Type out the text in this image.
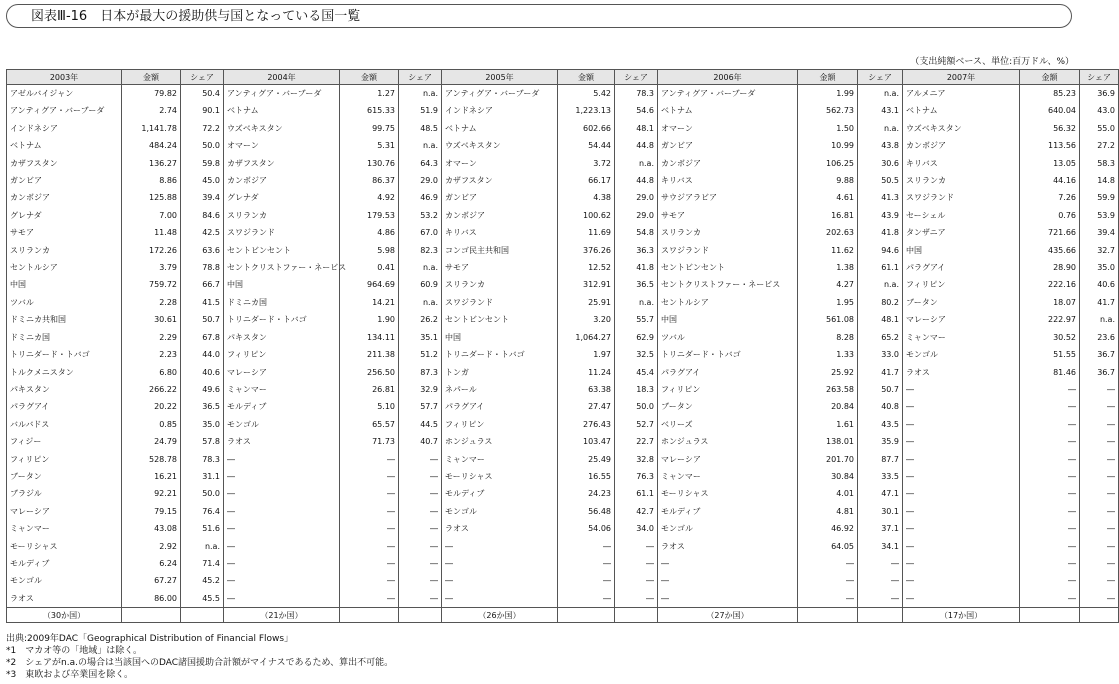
図表Ⅲ-16　日本が最大の援助供与国となっている国一覧
（支出純額ベース、単位:百万ドル、%）
2003年	金額	シェア	2004年	金額	シェア	2005年	金額	シェア	2006年	金額	シェア	2007年	金額	シェア
アゼルバイジャン	79.82	50.4	アンティグア・バーブーダ	1.27	n.a.	アンティグア・バーブーダ	5.42	78.3	アンティグア・バーブーダ	1.99	n.a.	アルメニア	85.23	36.9
アンティグア・バーブーダ	2.74	90.1	ベトナム	615.33	51.9	インドネシア	1,223.13	54.6	ベトナム	562.73	43.1	ベトナム	640.04	43.0
インドネシア	1,141.78	72.2	ウズベキスタン	99.75	48.5	ベトナム	602.66	48.1	オマーン	1.50	n.a.	ウズベキスタン	56.32	55.0
ベトナム	484.24	50.0	オマーン	5.31	n.a.	ウズベキスタン	54.44	44.8	ガンビア	10.99	43.8	カンボジア	113.56	27.2
カザフスタン	136.27	59.8	カザフスタン	130.76	64.3	オマーン	3.72	n.a.	カンボジア	106.25	30.6	キリバス	13.05	58.3
ガンビア	8.86	45.0	カンボジア	86.37	29.0	カザフスタン	66.17	44.8	キリバス	9.88	50.5	スリランカ	44.16	14.8
カンボジア	125.88	39.4	グレナダ	4.92	46.9	ガンビア	4.38	29.0	サウジアラビア	4.61	41.3	スワジランド	7.26	59.9
グレナダ	7.00	84.6	スリランカ	179.53	53.2	カンボジア	100.62	29.0	サモア	16.81	43.9	セーシェル	0.76	53.9
サモア	11.48	42.5	スワジランド	4.86	67.0	キリバス	11.69	54.8	スリランカ	202.63	41.8	タンザニア	721.66	39.4
スリランカ	172.26	63.6	セントビンセント	5.98	82.3	コンゴ民主共和国	376.26	36.3	スワジランド	11.62	94.6	中国	435.66	32.7
セントルシア	3.79	78.8	セントクリストファー・ネービス	0.41	n.a.	サモア	12.52	41.8	セントビンセント	1.38	61.1	パラグアイ	28.90	35.0
中国	759.72	66.7	中国	964.69	60.9	スリランカ	312.91	36.5	セントクリストファー・ネービス	4.27	n.a.	フィリピン	222.16	40.6
ツバル	2.28	41.5	ドミニカ国	14.21	n.a.	スワジランド	25.91	n.a.	セントルシア	1.95	80.2	ブータン	18.07	41.7
ドミニカ共和国	30.61	50.7	トリニダード・トバゴ	1.90	26.2	セントビンセント	3.20	55.7	中国	561.08	48.1	マレーシア	222.97	n.a.
ドミニカ国	2.29	67.8	パキスタン	134.11	35.1	中国	1,064.27	62.9	ツバル	8.28	65.2	ミャンマー	30.52	23.6
トリニダード・トバゴ	2.23	44.0	フィリピン	211.38	51.2	トリニダード・トバゴ	1.97	32.5	トリニダード・トバゴ	1.33	33.0	モンゴル	51.55	36.7
トルクメニスタン	6.80	40.6	マレーシア	256.50	87.3	トンガ	11.24	45.4	パラグアイ	25.92	41.7	ラオス	81.46	36.7
パキスタン	266.22	49.6	ミャンマー	26.81	32.9	ネパール	63.38	18.3	フィリピン	263.58	50.7	―	―	―
パラグアイ	20.22	36.5	モルディブ	5.10	57.7	パラグアイ	27.47	50.0	ブータン	20.84	40.8	―	―	―
バルバドス	0.85	35.0	モンゴル	65.57	44.5	フィリピン	276.43	52.7	ベリーズ	1.61	43.5	―	―	―
フィジー	24.79	57.8	ラオス	71.73	40.7	ホンジュラス	103.47	22.7	ホンジュラス	138.01	35.9	―	―	―
フィリピン	528.78	78.3	―	―	―	ミャンマー	25.49	32.8	マレーシア	201.70	87.7	―	―	―
ブータン	16.21	31.1	―	―	―	モーリシャス	16.55	76.3	ミャンマー	30.84	33.5	―	―	―
ブラジル	92.21	50.0	―	―	―	モルディブ	24.23	61.1	モーリシャス	4.01	47.1	―	―	―
マレーシア	79.15	76.4	―	―	―	モンゴル	56.48	42.7	モルディブ	4.81	30.1	―	―	―
ミャンマー	43.08	51.6	―	―	―	ラオス	54.06	34.0	モンゴル	46.92	37.1	―	―	―
モーリシャス	2.92	n.a.	―	―	―	―	―	―	ラオス	64.05	34.1	―	―	―
モルディブ	6.24	71.4	―	―	―	―	―	―	―	―	―	―	―	―
モンゴル	67.27	45.2	―	―	―	―	―	―	―	―	―	―	―	―
ラオス	86.00	45.5	―	―	―	―	―	―	―	―	―	―	―	―
（30か国）			（21か国）			（26か国）			（27か国）			（17か国）		
出典:2009年DAC「Geographical Distribution of Financial Flows」
*1　マカオ等の「地域」は除く。
*2　シェアがn.a.の場合は当該国へのDAC諸国援助合計額がマイナスであるため、算出不可能。
*3　東欧および卒業国を除く。
